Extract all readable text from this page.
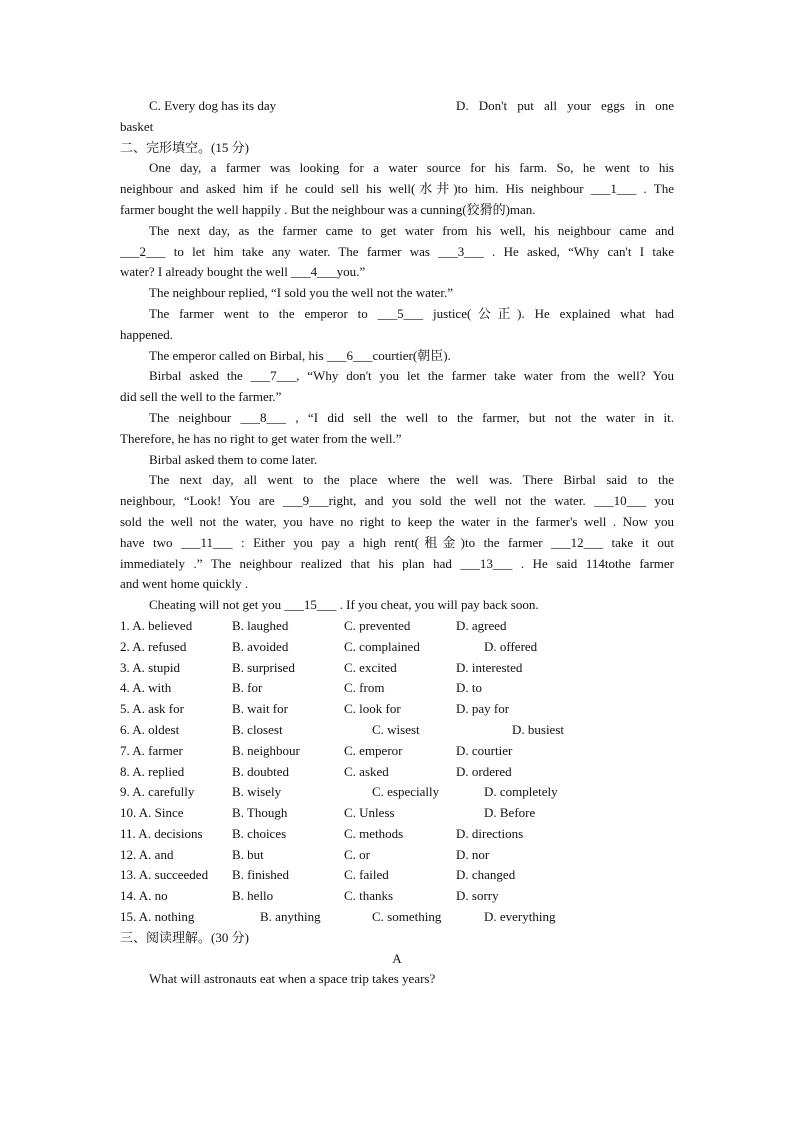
C. Every dog has its day	D. Don't put all your eggs in one
basket
二、完形填空。(15 分)
One day, a farmer was looking for a water source for his farm. So, he went to his
neighbour and asked him if he could sell his well(水井)to him. His neighbour ___1___ . The
farmer bought the well happily . But the neighbour was a cunning(狡猾的)man.
The next day, as the farmer came to get water from his well, his neighbour came and
___2___ to let him take any water. The farmer was ___3___ . He asked, “Why can't I take
water? I already bought the well ___4___you.”
The neighbour replied, “I sold you the well not the water.”
The farmer went to the emperor to ___5___ justice(公正). He explained what had
happened.
The emperor called on Birbal, his ___6___courtier(朝臣).
Birbal asked the ___7___, “Why don't you let the farmer take water from the well? You
did sell the well to the farmer.”
The neighbour ___8___ , “I did sell the well to the farmer, but not the water in it.
Therefore, he has no right to get water from the well.”
Birbal asked them to come later.
The next day, all went to the place where the well was. There Birbal said to the
neighbour, “Look! You are ___9___right, and you sold the well not the water. ___10___ you
sold the well not the water, you have no right to keep the water in the farmer's well . Now you
have two ___11___ : Either you pay a high rent(租金)to the farmer ___12___ take it out
immediately .” The neighbour realized that his plan had ___13___ . He said 114tothe farmer
and went home quickly .
Cheating will not get you ___15___ . If you cheat, you will pay back soon.
1. A. believed	B. laughed	C. prevented	D. agreed
2. A. refused	B. avoided	C. complained	D. offered
3. A. stupid	B. surprised	C. excited	D. interested
4. A. with	B. for	C. from	D. to
5. A. ask for	B. wait for	C. look for	D. pay for
6. A. oldest	B. closest	C. wisest	D. busiest
7. A. farmer	B. neighbour	C. emperor	D. courtier
8. A. replied	B. doubted	C. asked	D. ordered
9. A. carefully	B. wisely	C. especially	D. completely
10. A. Since	B. Though	C. Unless	D. Before
11. A. decisions	B. choices	C. methods	D. directions
12. A. and	B. but	C. or	D. nor
13. A. succeeded	B. finished	C. failed	D. changed
14. A. no	B. hello	C. thanks	D. sorry
15. A. nothing	B. anything	C. something	D. everything
三、阅读理解。(30 分)
A
What will astronauts eat when a space trip takes years?
